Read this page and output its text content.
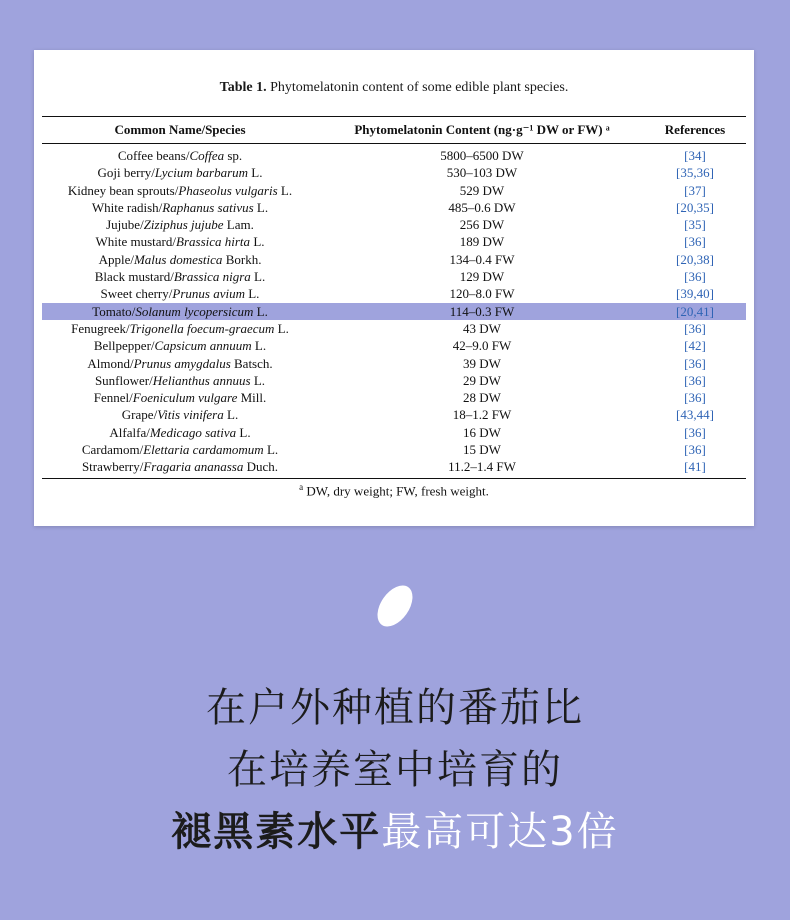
Table 1. Phytomelatonin content of some edible plant species.
Common Name/Species	Phytomelatonin Content (ng·g⁻¹ DW or FW) ᵃ	References
Coffee beans/Coffea sp.	5800–6500 DW	[34]
Goji berry/Lycium barbarum L.	530–103 DW	[35,36]
Kidney bean sprouts/Phaseolus vulgaris L.	529 DW	[37]
White radish/Raphanus sativus L.	485–0.6 DW	[20,35]
Jujube/Ziziphus jujube Lam.	256 DW	[35]
White mustard/Brassica hirta L.	189 DW	[36]
Apple/Malus domestica Borkh.	134–0.4 FW	[20,38]
Black mustard/Brassica nigra L.	129 DW	[36]
Sweet cherry/Prunus avium L.	120–8.0 FW	[39,40]
Tomato/Solanum lycopersicum L.	114–0.3 FW	[20,41]
Fenugreek/Trigonella foecum-graecum L.	43 DW	[36]
Bellpepper/Capsicum annuum L.	42–9.0 FW	[42]
Almond/Prunus amygdalus Batsch.	39 DW	[36]
Sunflower/Helianthus annuus L.	29 DW	[36]
Fennel/Foeniculum vulgare Mill.	28 DW	[36]
Grape/Vitis vinifera L.	18–1.2 FW	[43,44]
Alfalfa/Medicago sativa L.	16 DW	[36]
Cardamom/Elettaria cardamomum L.	15 DW	[36]
Strawberry/Fragaria ananassa Duch.	11.2–1.4 FW	[41]
$^a$ DW, dry weight; FW, fresh weight.
在户外种植的番茄比
在培养室中培育的
褪黑素水平最高可达3倍
